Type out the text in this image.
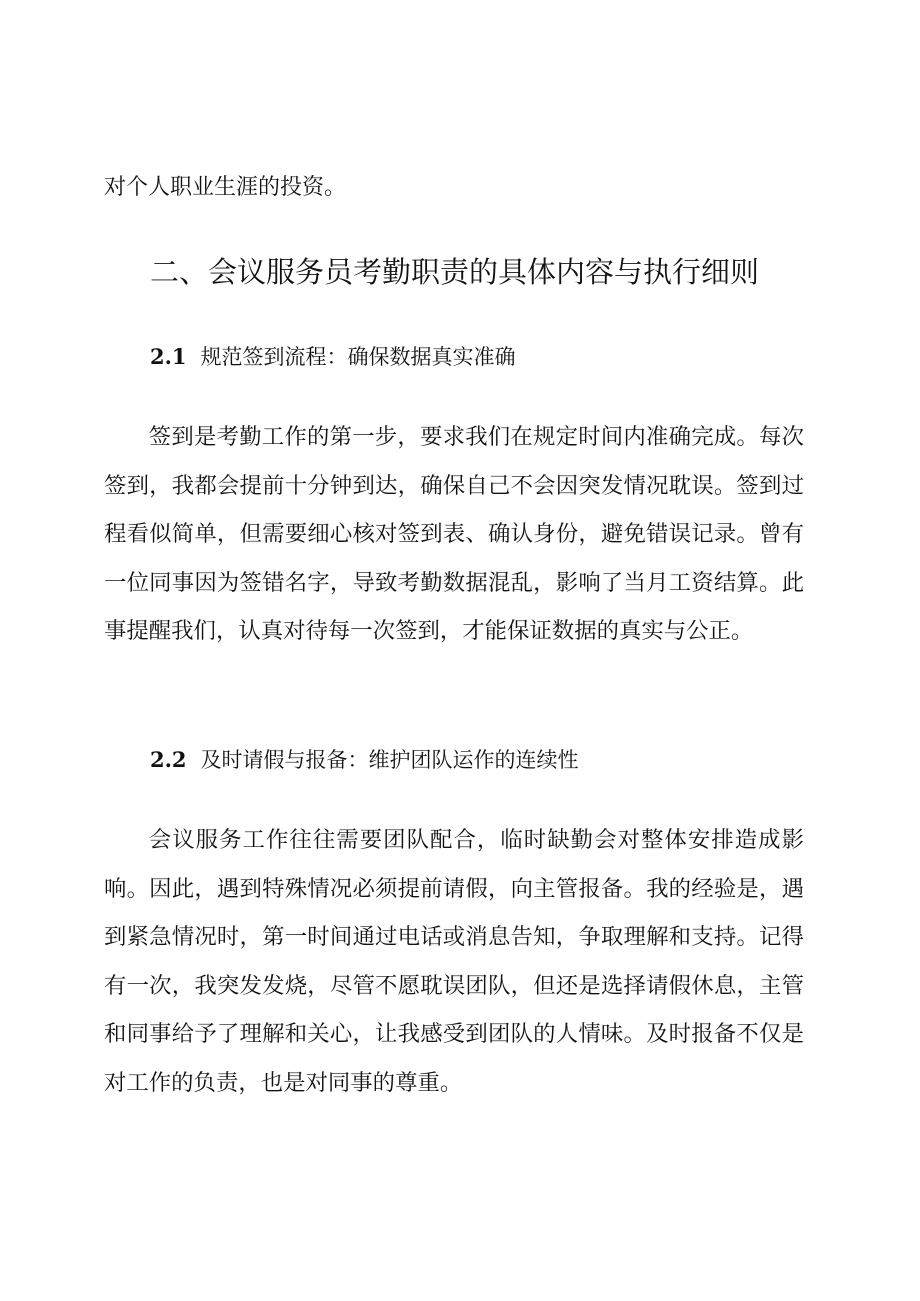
对个人职业生涯的投资。

二、会议服务员考勤职责的具体内容与执行细则
2.1 规范签到流程：确保数据真实准确

签到是考勤工作的第一步，要求我们在规定时间内准确完成。每次签到，我都会提前十分钟到达，确保自己不会因突发情况耽误。签到过程看似简单，但需要细心核对签到表、确认身份，避免错误记录。曾有一位同事因为签错名字，导致考勤数据混乱，影响了当月工资结算。此事提醒我们，认真对待每一次签到，才能保证数据的真实与公正。

2.2 及时请假与报备：维护团队运作的连续性

会议服务工作往往需要团队配合，临时缺勤会对整体安排造成影响。因此，遇到特殊情况必须提前请假，向主管报备。我的经验是，遇到紧急情况时，第一时间通过电话或消息告知，争取理解和支持。记得有一次，我突发发烧，尽管不愿耽误团队，但还是选择请假休息，主管和同事给予了理解和关心，让我感受到团队的人情味。及时报备不仅是对工作的负责，也是对同事的尊重。
